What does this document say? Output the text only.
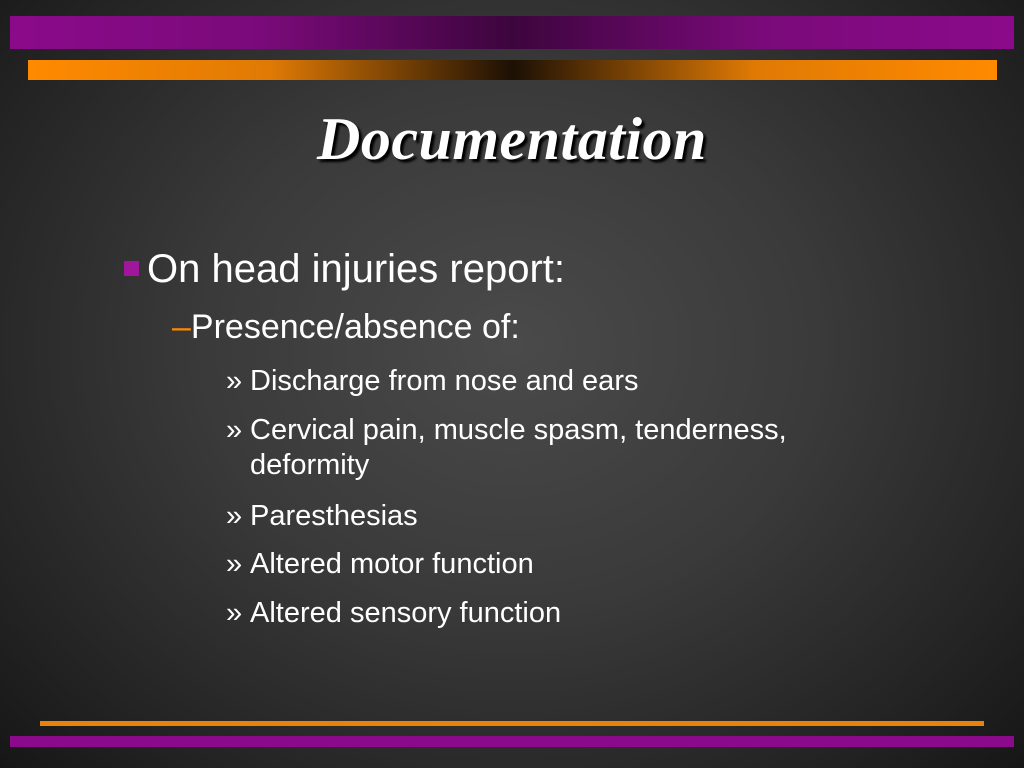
Documentation
On head injuries report:
–Presence/absence of:
» Discharge from nose and ears
» Cervical pain, muscle spasm, tenderness, deformity
» Paresthesias
» Altered motor function
» Altered sensory function
